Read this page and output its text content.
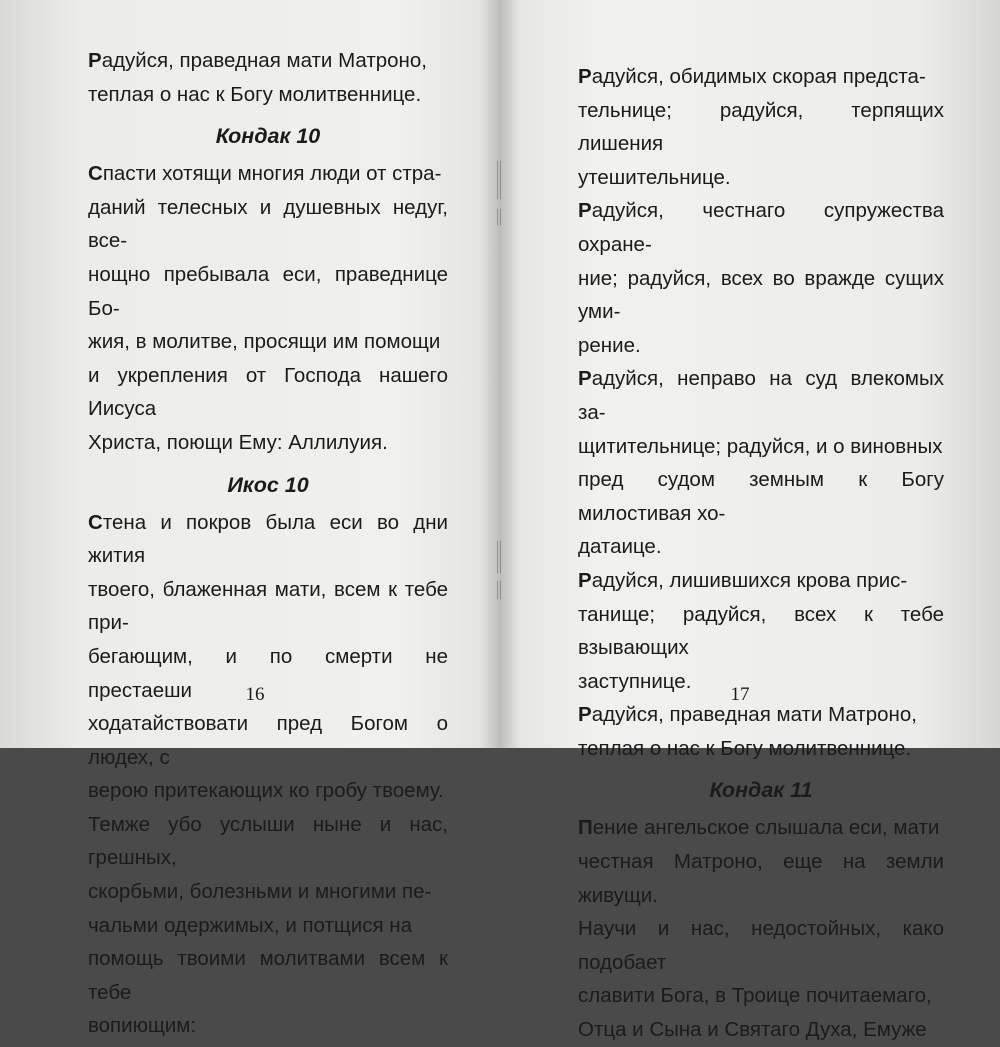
Радуйся, праведная мати Матроно,
теплая о нас к Богу молитвеннице.

Кондак 10

Спасти хотящи многия люди от стра-
даний телесных и душевных недуг, все-
нощно пребывала еси, праведнице Бо-
жия, в молитве, просящи им помощи
и укрепления от Господа нашего Иисуса
Христа, поющи Ему: Аллилуия.

Икос 10

Стена и покров была еси во дни жития
твоего, блаженная мати, всем к тебе при-
бегающим, и по смерти не престаеши
ходатайствовати пред Богом о людех, с
верою притекающих ко гробу твоему.
Темже убо услыши ныне и нас, грешных,
скорбьми, болезньми и многими пе-
чальми одержимых, и потщися на
помощь твоими молитвами всем к тебе
вопиющим:

16

Радуйся, обидимых скорая предста-
тельнице; радуйся, терпящих лишения
утешительнице.

Радуйся, честнаго супружества охране-
ние; радуйся, всех во вражде сущих уми-
рение.

Радуйся, неправо на суд влекомых за-
щитительнице; радуйся, и о виновных
пред судом земным к Богу милостивая хо-
датаице.

Радуйся, лишившихся крова прис-
танище; радуйся, всех к тебе взывающих
заступнице.

Радуйся, праведная мати Матроно,
теплая о нас к Богу молитвеннице.

Кондак 11

Пение ангельское слышала еси, мати
честная Матроно, еще на земли живущи.
Научи и нас, недостойных, како подобает
славити Бога, в Троице почитаемаго,
Отца и Сына и Святаго Духа, Емуже

17
